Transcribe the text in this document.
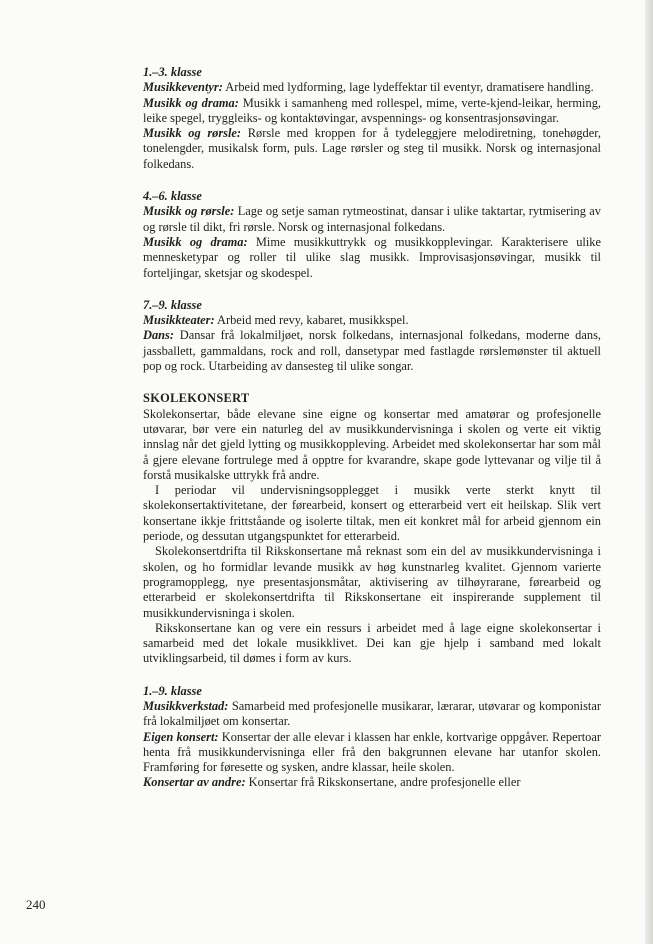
1.–3. klasse

Musikkeventyr: Arbeid med lydforming, lage lydeffektar til eventyr, dramatisere handling.

Musikk og drama: Musikk i samanheng med rollespel, mime, verte-kjend-leikar, herming, leike spegel, tryggleiks- og kontaktøvingar, avspennings- og konsentrasjonsøvingar.

Musikk og rørsle: Rørsle med kroppen for å tydeleggjere melodiretning, tonehøgder, tonelengder, musikalsk form, puls. Lage rørsler og steg til musikk. Norsk og internasjonal folkedans.

4.–6. klasse

Musikk og rørsle: Lage og setje saman rytmeostinat, dansar i ulike taktartar, rytmisering av og rørsle til dikt, fri rørsle. Norsk og internasjonal folkedans.

Musikk og drama: Mime musikkuttrykk og musikkopplevingar. Karakterisere ulike mennesketypar og roller til ulike slag musikk. Improvisasjonsøvingar, musikk til forteljingar, sketsjar og skodespel.

7.–9. klasse

Musikkteater: Arbeid med revy, kabaret, musikkspel.

Dans: Dansar frå lokalmiljøet, norsk folkedans, internasjonal folkedans, moderne dans, jassballett, gammaldans, rock and roll, dansetypar med fastlagde rørslemønster til aktuell pop og rock. Utarbeiding av dansesteg til ulike songar.

SKOLEKONSERT

Skolekonsertar, både elevane sine eigne og konsertar med amatørar og profesjonelle utøvarar, bør vere ein naturleg del av musikkundervisninga i skolen og verte eit viktig innslag når det gjeld lytting og musikkoppleving. Arbeidet med skolekonsertar har som mål å gjere elevane fortrulege med å opptre for kvarandre, skape gode lyttevanar og vilje til å forstå musikalske uttrykk frå andre.

I periodar vil undervisningsopplegget i musikk verte sterkt knytt til skolekonsertaktivitetane, der førearbeid, konsert og etterarbeid vert eit heilskap. Slik vert konsertane ikkje frittståande og isolerte tiltak, men eit konkret mål for arbeid gjennom ein periode, og dessutan utgangspunktet for etterarbeid.

Skolekonsertdrifta til Rikskonsertane må reknast som ein del av musikkundervisninga i skolen, og ho formidlar levande musikk av høg kunstnarleg kvalitet. Gjennom varierte programopplegg, nye presentasjonsmåtar, aktivisering av tilhøyrarane, førearbeid og etterarbeid er skolekonsertdrifta til Rikskonsertane eit inspirerande supplement til musikkundervisninga i skolen.

Rikskonsertane kan og vere ein ressurs i arbeidet med å lage eigne skolekonsertar i samarbeid med det lokale musikklivet. Dei kan gje hjelp i samband med lokalt utviklingsarbeid, til dømes i form av kurs.

1.–9. klasse

Musikkverkstad: Samarbeid med profesjonelle musikarar, lærarar, utøvarar og komponistar frå lokalmiljøet om konsertar.

Eigen konsert: Konsertar der alle elevar i klassen har enkle, kortvarige oppgåver. Repertoar henta frå musikkundervisninga eller frå den bakgrunnen elevane har utanfor skolen. Framføring for føresette og sysken, andre klassar, heile skolen.

Konsertar av andre: Konsertar frå Rikskonsertane, andre profesjonelle eller

240
